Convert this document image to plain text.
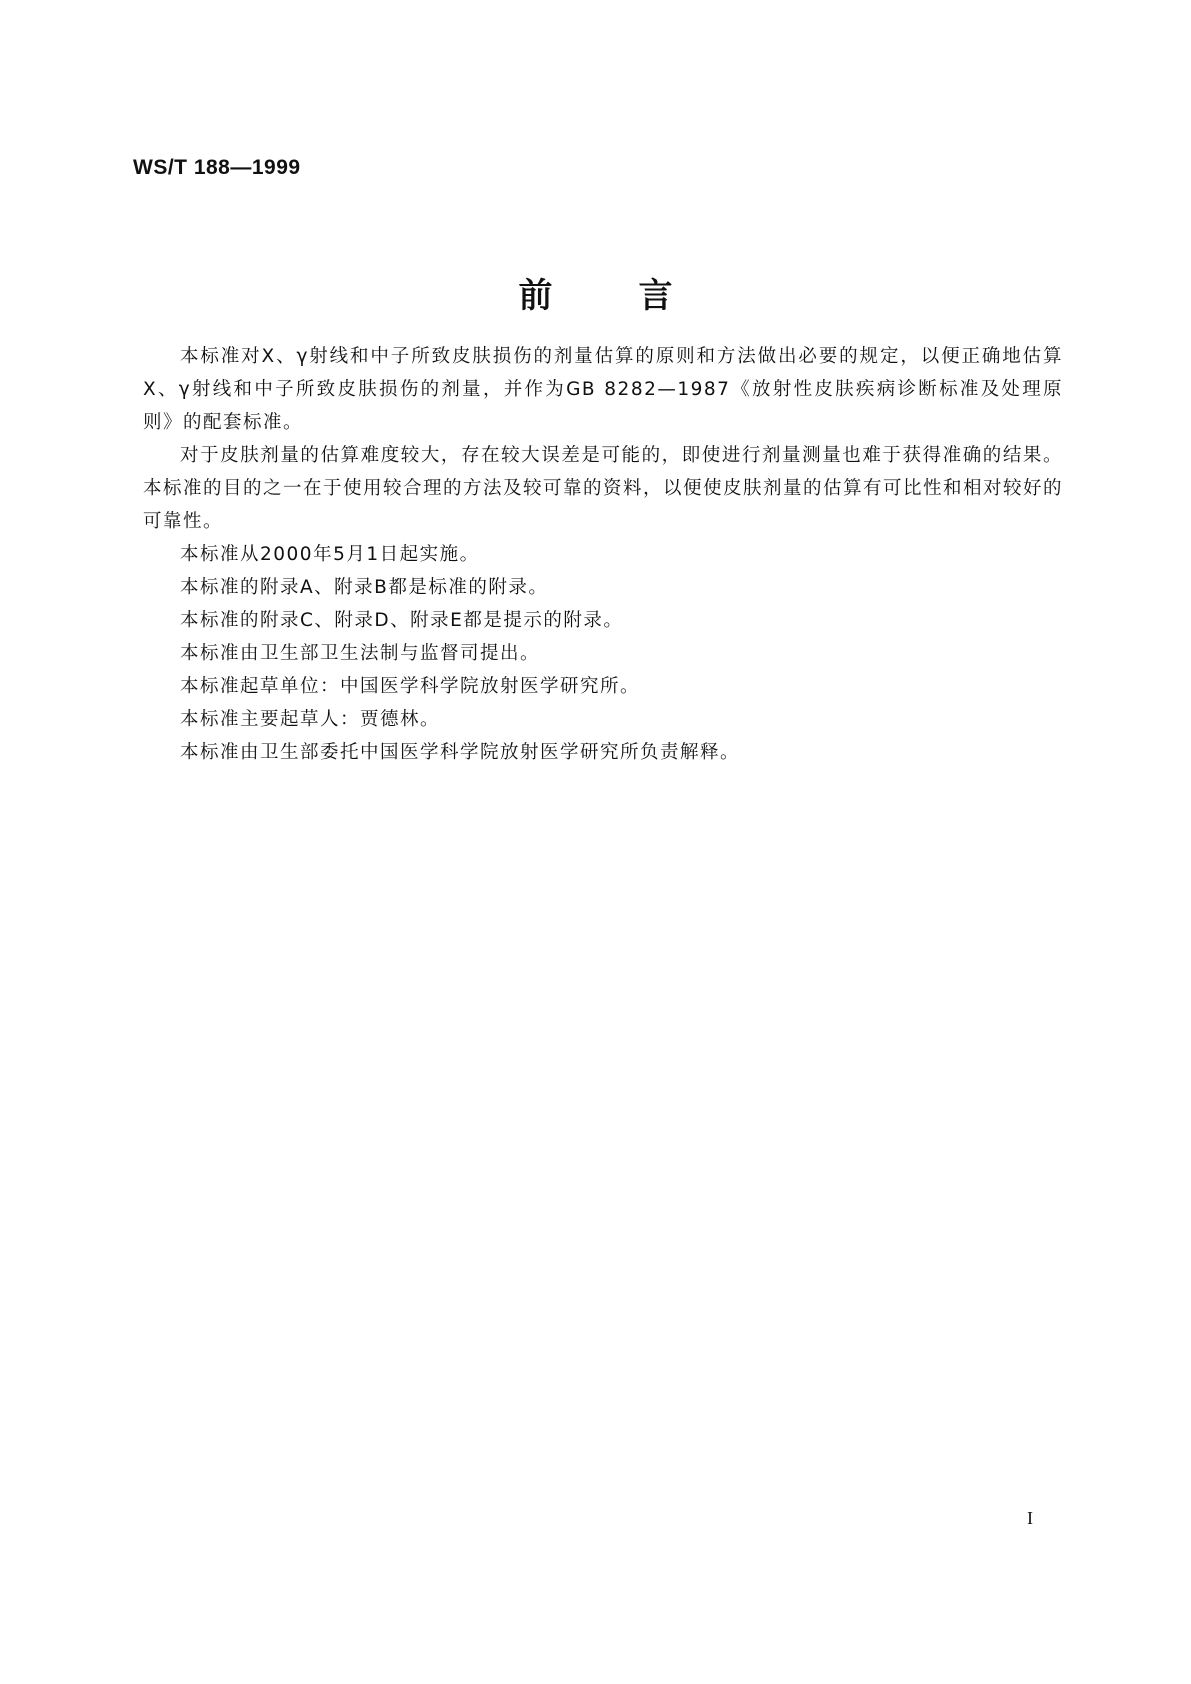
WS/T 188—1999
前	言

本标准对X、γ射线和中子所致皮肤损伤的剂量估算的原则和方法做出必要的规定，以便正确地估算X、γ射线和中子所致皮肤损伤的剂量，并作为GB 8282—1987《放射性皮肤疾病诊断标准及处理原则》的配套标准。

对于皮肤剂量的估算难度较大，存在较大误差是可能的，即使进行剂量测量也难于获得准确的结果。本标准的目的之一在于使用较合理的方法及较可靠的资料，以便使皮肤剂量的估算有可比性和相对较好的可靠性。

本标准从2000年5月1日起实施。

本标准的附录A、附录B都是标准的附录。

本标准的附录C、附录D、附录E都是提示的附录。

本标准由卫生部卫生法制与监督司提出。

本标准起草单位：中国医学科学院放射医学研究所。

本标准主要起草人：贾德林。

本标准由卫生部委托中国医学科学院放射医学研究所负责解释。

I
